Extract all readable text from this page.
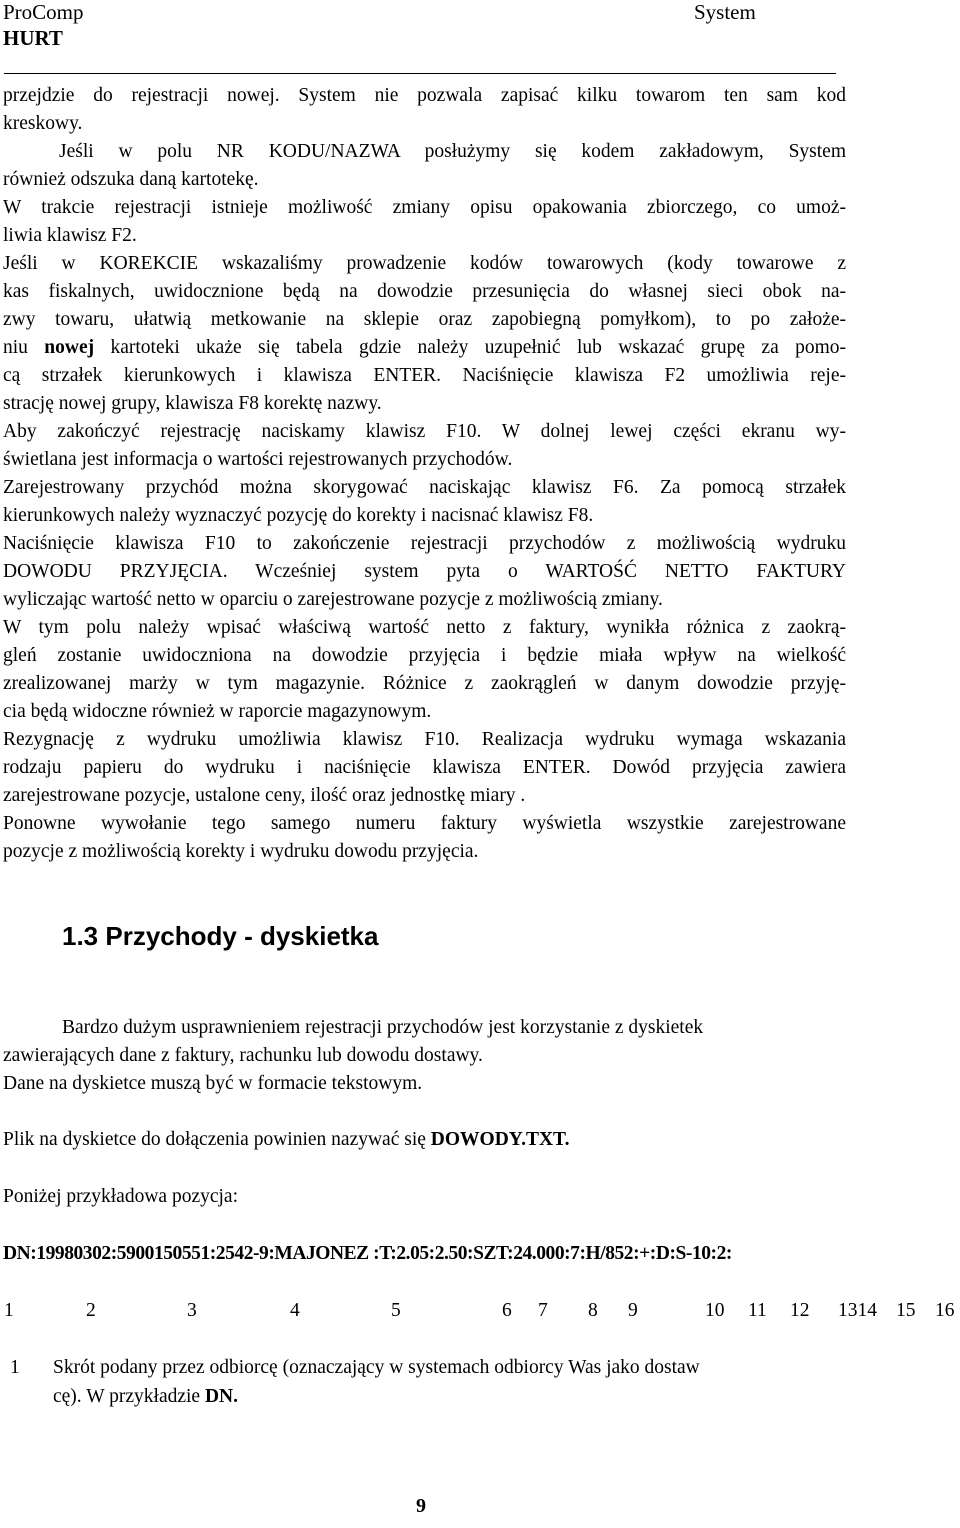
ProComp
HURT
System
przejdzie do rejestracji nowej. System nie pozwala zapisać kilku towarom ten sam kod
kreskowy.
Jeśli w polu NR KODU/NAZWA posłużymy się kodem zakładowym, System
również odszuka daną kartotekę.
W trakcie rejestracji istnieje możliwość zmiany opisu opakowania zbiorczego, co umoż-
liwia klawisz F2.
Jeśli w KOREKCIE wskazaliśmy prowadzenie kodów towarowych (kody towarowe z
kas fiskalnych, uwidocznione będą na dowodzie przesunięcia do własnej sieci obok na-
zwy towaru, ułatwią metkowanie na sklepie oraz zapobiegną pomyłkom), to po założe-
niu nowej kartoteki ukaże się tabela gdzie należy uzupełnić lub wskazać grupę za pomo-
cą strzałek kierunkowych i klawisza ENTER. Naciśnięcie klawisza F2 umożliwia reje-
strację nowej grupy, klawisza F8 korektę nazwy.
Aby zakończyć rejestrację naciskamy klawisz F10. W dolnej lewej części ekranu wy-
świetlana jest informacja o wartości rejestrowanych przychodów.
Zarejestrowany przychód można skorygować naciskając klawisz F6. Za pomocą strzałek
kierunkowych należy wyznaczyć pozycję do korekty i nacisnać klawisz F8.
Naciśnięcie klawisza F10 to zakończenie rejestracji przychodów z możliwością wydruku
DOWODU PRZYJĘCIA. Wcześniej system pyta o WARTOŚĆ NETTO FAKTURY
wyliczając wartość netto w oparciu o zarejestrowane pozycje z możliwością zmiany.
W tym polu należy wpisać właściwą wartość netto z faktury, wynikła różnica z zaokrą-
gleń zostanie uwidoczniona na dowodzie przyjęcia i będzie miała wpływ na wielkość
zrealizowanej marży w tym magazynie. Różnice z zaokrągleń w danym dowodzie przyję-
cia będą widoczne również w raporcie magazynowym.
Rezygnację z wydruku umożliwia klawisz F10. Realizacja wydruku wymaga wskazania
rodzaju papieru do wydruku i naciśnięcie klawisza ENTER. Dowód przyjęcia zawiera
zarejestrowane pozycje, ustalone ceny, ilość oraz jednostkę miary .
Ponowne wywołanie tego samego numeru faktury wyświetla wszystkie zarejestrowane
pozycje z możliwością korekty i wydruku dowodu przyjęcia.
1.3 Przychody - dyskietka
Bardzo dużym usprawnieniem rejestracji przychodów jest korzystanie z dyskietek
zawierających dane z faktury, rachunku lub dowodu dostawy.
Dane na dyskietce muszą być w formacie tekstowym.
Plik na dyskietce do dołączenia powinien nazywać się DOWODY.TXT.
Poniżej przykładowa pozycja:
DN:19980302:5900150551:2542-9:MAJONEZ :T:2.05:2.50:SZT:24.000:7:H/852:+:D:S-10:2:
1	2	3	4	5	6 7 8 9	10 11 12 1314 15 16
1 Skrót podany przez odbiorcę (oznaczający w systemach odbiorcy Was jako dostaw
cę). W przykładzie DN.
9
